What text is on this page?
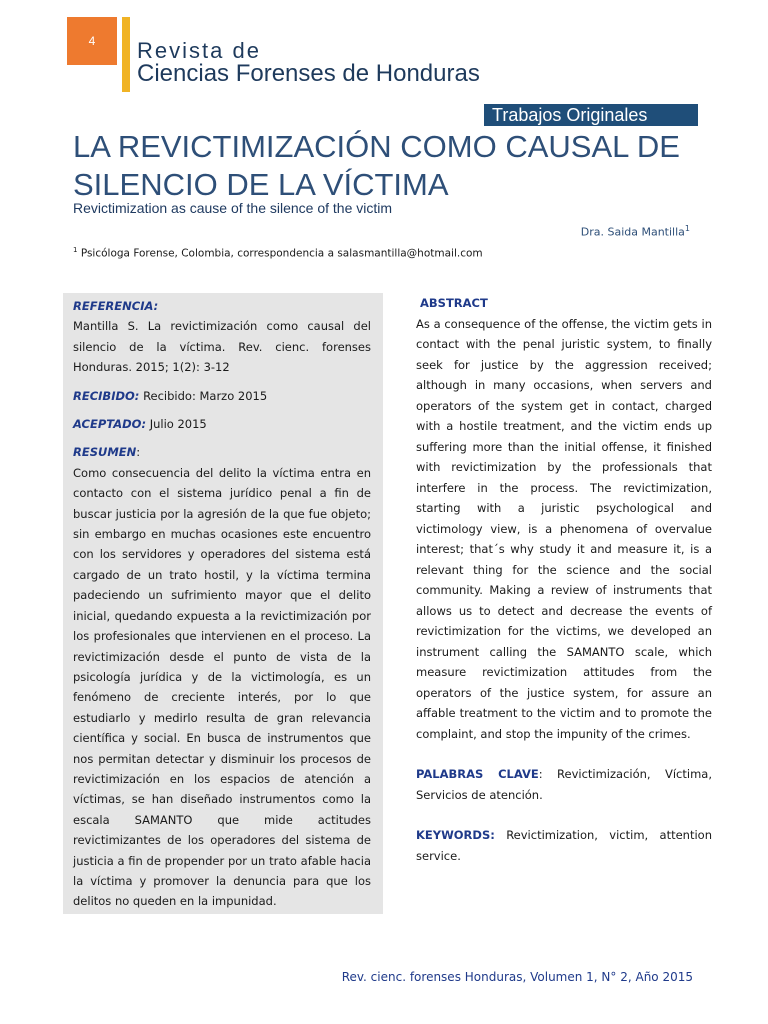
4 Revista de
Ciencias Forenses de Honduras
Trabajos Originales
LA REVICTIMIZACIÓN COMO CAUSAL DE SILENCIO DE LA VÍCTIMA
Revictimization as cause of the silence of the victim
Dra. Saida Mantilla$^1$
$^1$ Psicóloga Forense, Colombia, correspondencia a salasmantilla@hotmail.com
REFERENCIA:
Mantilla S. La revictimización como causal del silencio de la víctima. Rev. cienc. forenses Honduras. 2015; 1(2): 3-12
RECIBIDO: Recibido: Marzo 2015
ACEPTADO: Julio 2015
RESUMEN:
Como consecuencia del delito la víctima entra en contacto con el sistema jurídico penal a fin de buscar justicia por la agresión de la que fue objeto; sin embargo en muchas ocasiones este encuentro con los servidores y operadores del sistema está cargado de un trato hostil, y la víctima termina padeciendo un sufrimiento mayor que el delito inicial, quedando expuesta a la revictimización por los profesionales que intervienen en el proceso. La revictimización desde el punto de vista de la psicología jurídica y de la victimología, es un fenómeno de creciente interés, por lo que estudiarlo y medirlo resulta de gran relevancia científica y social. En busca de instrumentos que nos permitan detectar y disminuir los procesos de revictimización en los espacios de atención a víctimas, se han diseñado instrumentos como la escala SAMANTO que mide actitudes revictimizantes de los operadores del sistema de justicia a fin de propender por un trato afable hacia la víctima y promover la denuncia para que los delitos no queden en la impunidad.
ABSTRACT
As a consequence of the offense, the victim gets in contact with the penal juristic system, to finally seek for justice by the aggression received; although in many occasions, when servers and operators of the system get in contact, charged with a hostile treatment, and the victim ends up suffering more than the initial offense, it finished with revictimization by the professionals that interfere in the process. The revictimization, starting with a juristic psychological and victimology view, is a phenomena of overvalue interest; that´s why study it and measure it, is a relevant thing for the science and the social community. Making a review of instruments that allows us to detect and decrease the events of revictimization for the victims, we developed an instrument calling the SAMANTO scale, which measure revictimization attitudes from the operators of the justice system, for assure an affable treatment to the victim and to promote the complaint, and stop the impunity of the crimes.
PALABRAS CLAVE: Revictimización, Víctima, Servicios de atención.
KEYWORDS: Revictimization, victim, attention service.
Rev. cienc. forenses Honduras, Volumen 1, N° 2, Año 2015
